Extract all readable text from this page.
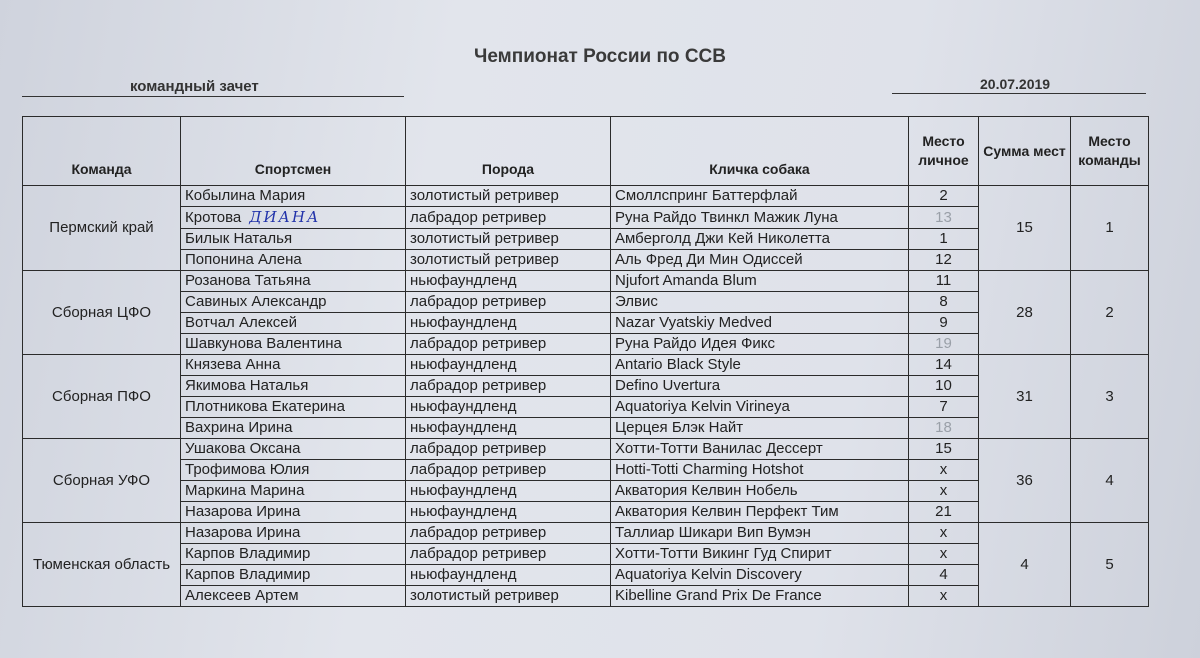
Чемпионат России по ССВ
командный зачет	20.07.2019
Команда	Спортсмен	Порода	Кличка собака	Место личное	Сумма мест	Место команды
Пермский край	Кобылина Мария	золотистый ретривер	Смоллспринг Баттерфлай	2	15	1
	Кротова ДИАНА	лабрадор ретривер	Руна Райдо Твинкл Мажик Луна	13		
	Билык Наталья	золотистый ретривер	Амберголд Джи Кей Николетта	1		
	Попонина Алена	золотистый ретривер	Аль Фред Ди Мин Одиссей	12		
Сборная ЦФО	Розанова Татьяна	ньюфаундленд	Njufort Amanda Blum	11	28	2
	Савиных Александр	лабрадор ретривер	Элвис	8		
	Вотчал Алексей	ньюфаундленд	Nazar Vyatskiy Medved	9		
	Шавкунова Валентина	лабрадор ретривер	Руна Райдо Идея Фикс	19		
Сборная ПФО	Князева Анна	ньюфаундленд	Antario Black Style	14	31	3
	Якимова Наталья	лабрадор ретривер	Defino Uvertura	10		
	Плотникова Екатерина	ньюфаундленд	Aquatoriya Kelvin Virineya	7		
	Вахрина Ирина	ньюфаундленд	Церцея Блэк Найт	18		
Сборная УФО	Ушакова Оксана	лабрадор ретривер	Хотти-Тотти Ванилас Дессерт	15	36	4
	Трофимова Юлия	лабрадор ретривер	Hotti-Totti Charming Hotshot	x		
	Маркина Марина	ньюфаундленд	Акватория Келвин Нобель	x		
	Назарова Ирина	ньюфаундленд	Акватория Келвин Перфект Тим	21		
Тюменская область	Назарова Ирина	лабрадор ретривер	Таллиар Шикари Вип Вумэн	x	4	5
	Карпов Владимир	лабрадор ретривер	Хотти-Тотти Викинг Гуд Спирит	x		
	Карпов Владимир	ньюфаундленд	Aquatoriya Kelvin Discovery	4		
	Алексеев Артем	золотистый ретривер	Kibelline Grand Prix De France	x		
